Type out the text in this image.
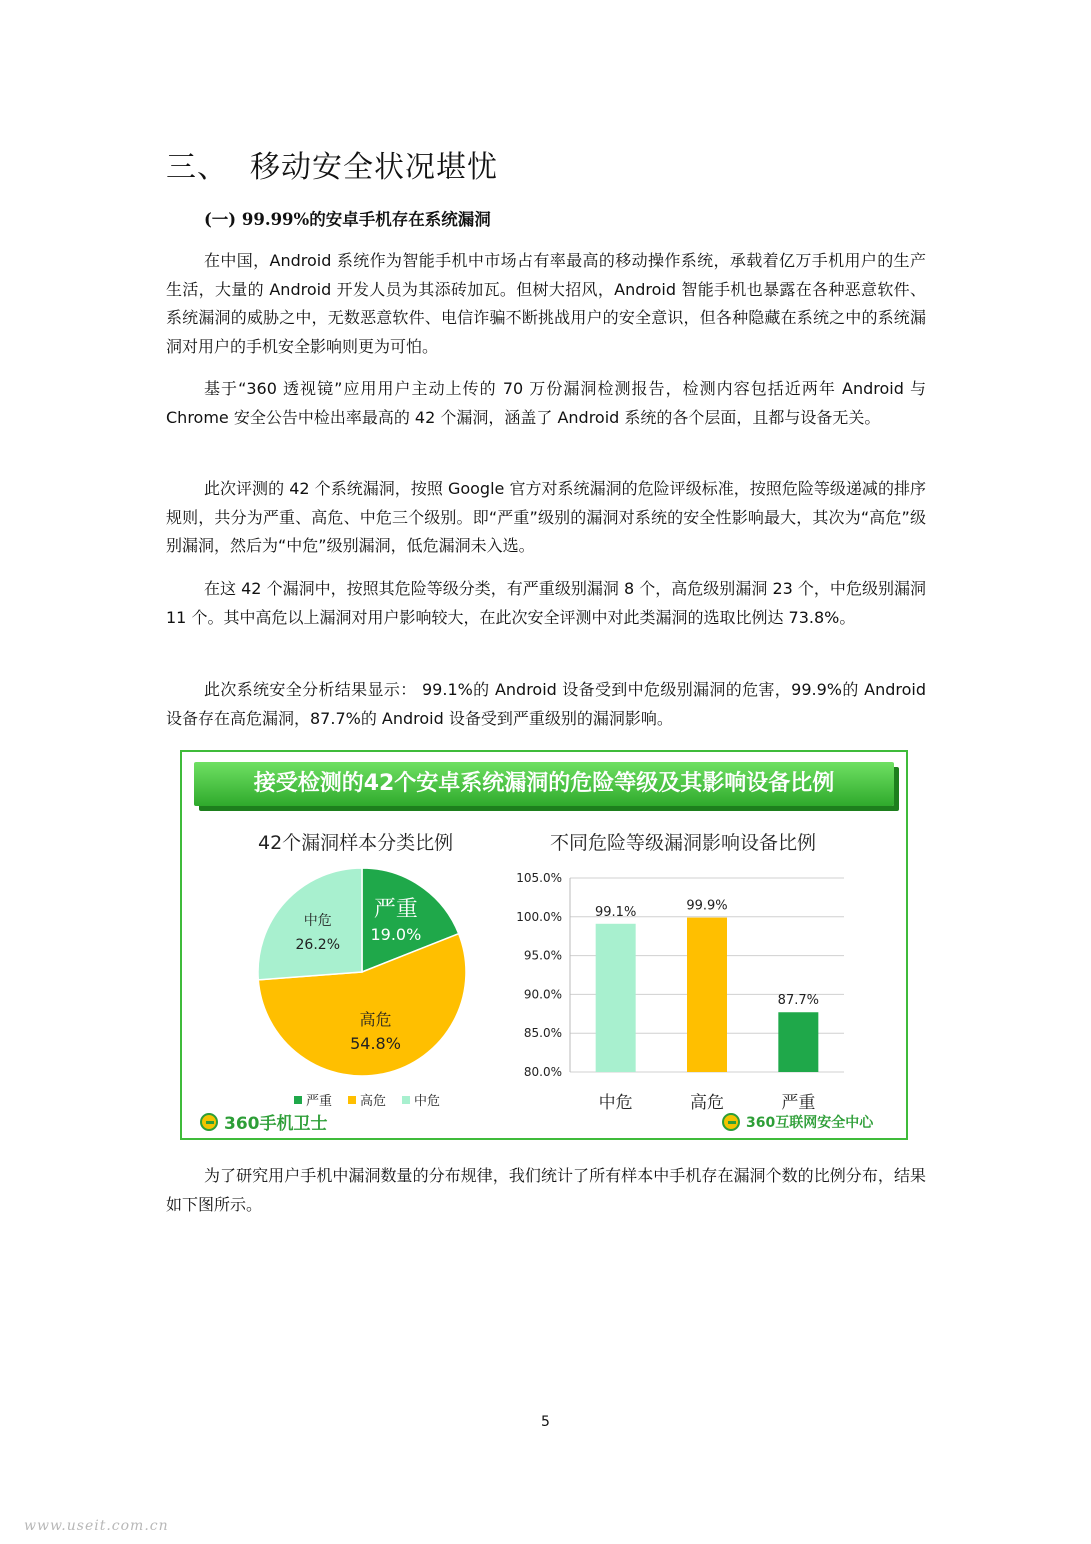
三、 移动安全状况堪忧
(一) 99.99%的安卓手机存在系统漏洞

在中国，Android 系统作为智能手机中市场占有率最高的移动操作系统，承载着亿万手机用户的生产生活，大量的 Android 开发人员为其添砖加瓦。但树大招风，Android 智能手机也暴露在各种恶意软件、系统漏洞的威胁之中，无数恶意软件、电信诈骗不断挑战用户的安全意识，但各种隐藏在系统之中的系统漏洞对用户的手机安全影响则更为可怕。

基于“360 透视镜”应用用户主动上传的 70 万份漏洞检测报告，检测内容包括近两年 Android 与 Chrome 安全公告中检出率最高的 42 个漏洞，涵盖了 Android 系统的各个层面，且都与设备无关。

此次评测的 42 个系统漏洞，按照 Google 官方对系统漏洞的危险评级标准，按照危险等级递减的排序规则，共分为严重、高危、中危三个级别。即“严重”级别的漏洞对系统的安全性影响最大，其次为“高危”级别漏洞，然后为“中危”级别漏洞，低危漏洞未入选。

在这 42 个漏洞中，按照其危险等级分类，有严重级别漏洞 8 个，高危级别漏洞 23 个，中危级别漏洞 11 个。其中高危以上漏洞对用户影响较大，在此次安全评测中对此类漏洞的选取比例达 73.8%。

此次系统安全分析结果显示： 99.1%的 Android 设备受到中危级别漏洞的危害，99.9%的 Android 设备存在高危漏洞，87.7%的 Android 设备受到严重级别的漏洞影响。

接受检测的42个安卓系统漏洞的危险等级及其影响设备比例
42个漏洞样本分类比例	不同危险等级漏洞影响设备比例
严重
19.0%
高危
54.8%
中危
26.2%
严重 高危 中危
80.0%
85.0%
90.0%
95.0%
100.0%
105.0%
99.1%
中危
99.9%
高危
87.7%
严重
360手机卫士	360互联网安全中心

为了研究用户手机中漏洞数量的分布规律，我们统计了所有样本中手机存在漏洞个数的比例分布，结果如下图所示。

5
www.useit.com.cn
